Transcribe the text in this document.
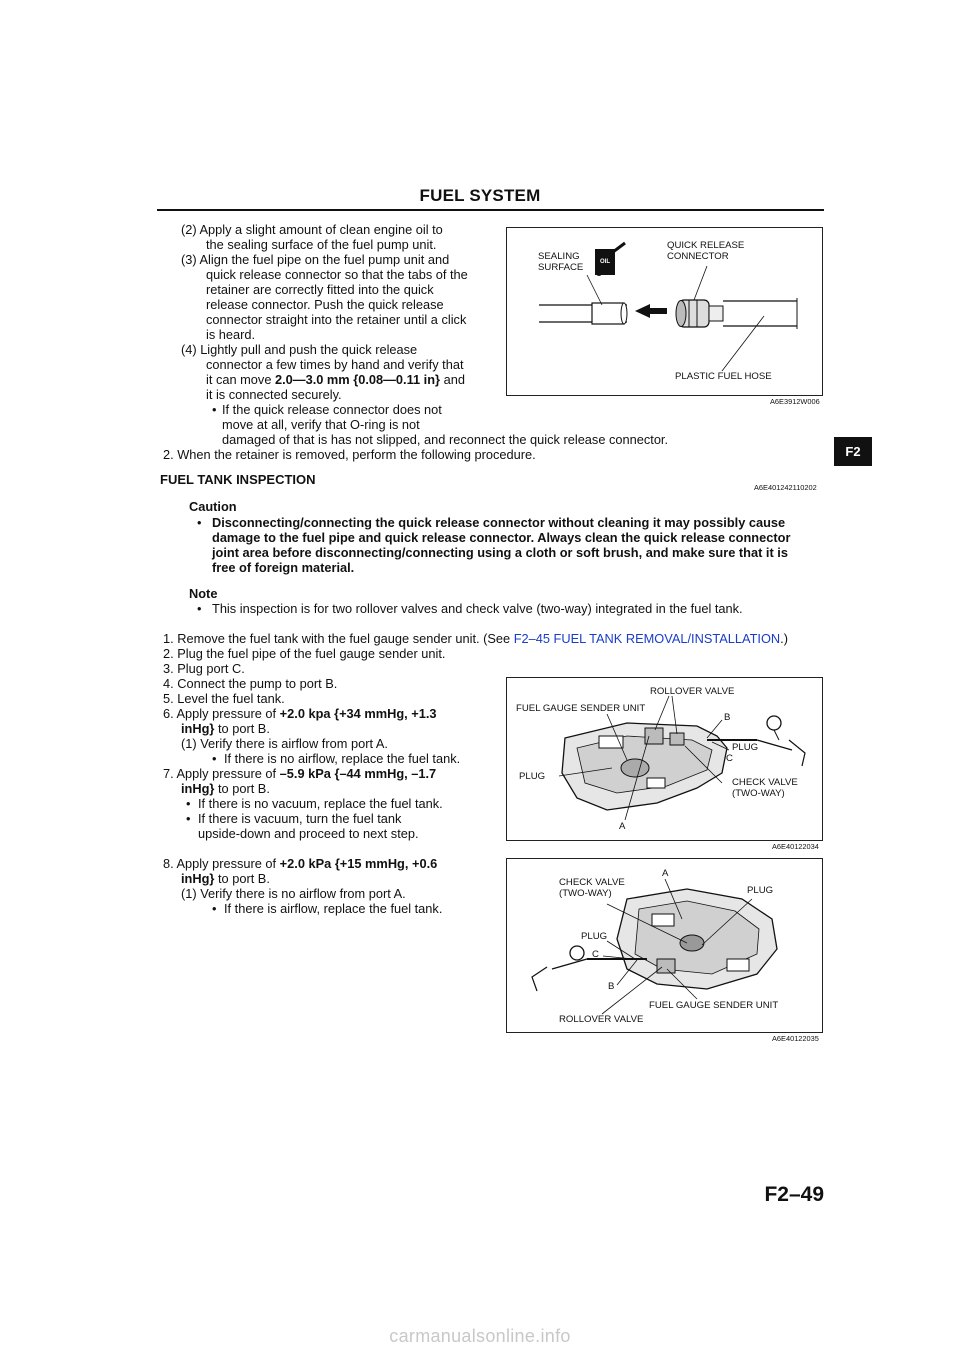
FUEL SYSTEM
F2
(2) Apply a slight amount of clean engine oil to
the sealing surface of the fuel pump unit.
(3) Align the fuel pipe on the fuel pump unit and
quick release connector so that the tabs of the
retainer are correctly fitted into the quick
release connector. Push the quick release
connector straight into the retainer until a click
is heard.
(4) Lightly pull and push the quick release
connector a few times by hand and verify that
it can move 2.0—3.0 mm {0.08—0.11 in} and
it is connected securely.
• If the quick release connector does not
move at all, verify that O-ring is not
damaged of that is has not slipped, and reconnect the quick release connector.
2. When the retainer is removed, perform the following procedure.
OIL
SEALING
SURFACE
QUICK RELEASE
CONNECTOR
PLASTIC FUEL HOSE
A6E3912W006
FUEL TANK INSPECTION
A6E401242110202
Caution
• Disconnecting/connecting the quick release connector without cleaning it may possibly cause
damage to the fuel pipe and quick release connector. Always clean the quick release connector
joint area before disconnecting/connecting using a cloth or soft brush, and make sure that it is
free of foreign material.
Note
• This inspection is for two rollover valves and check valve (two-way) integrated in the fuel tank.
1. Remove the fuel tank with the fuel gauge sender unit. (See F2–45 FUEL TANK REMOVAL/INSTALLATION.)
2. Plug the fuel pipe of the fuel gauge sender unit.
3. Plug port C.
4. Connect the pump to port B.
5. Level the fuel tank.
6. Apply pressure of +2.0 kpa {+34 mmHg, +1.3
inHg} to port B.
(1) Verify there is airflow from port A.
• If there is no airflow, replace the fuel tank.
7. Apply pressure of –5.9 kPa {–44 mmHg, –1.7
inHg} to port B.
• If there is no vacuum, replace the fuel tank.
• If there is vacuum, turn the fuel tank
upside-down and proceed to next step.
8. Apply pressure of +2.0 kPa {+15 mmHg, +0.6
inHg} to port B.
(1) Verify there is no airflow from port A.
• If there is airflow, replace the fuel tank.
ROLLOVER VALVE
FUEL GAUGE SENDER UNIT
B
PLUG
C
PLUG
CHECK VALVE
(TWO-WAY)
A
A6E40122034
A
CHECK VALVE
(TWO-WAY)	PLUG
PLUG
C
B
FUEL GAUGE SENDER UNIT
ROLLOVER VALVE
A6E40122035
F2–49
carmanualsonline.info
